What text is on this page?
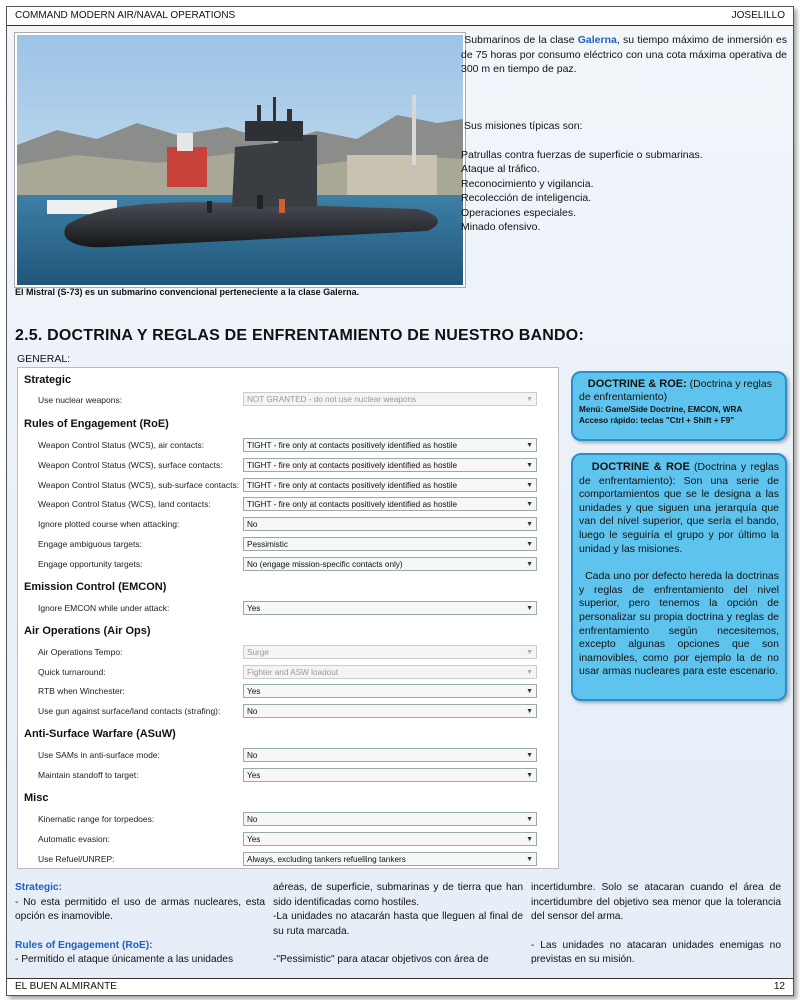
COMMAND MODERN AIR/NAVAL OPERATIONS	JOSELILLO
El Mistral (S-73) es un submarino convencional perteneciente a la clase Galerna.

Submarinos de la clase Galerna, su tiempo máximo de inmersión es de 75 horas por consumo eléctrico con una cota máxima operativa de 300 m en tiempo de paz.

Sus misiones típicas son:
Patrullas contra fuerzas de superficie o submarinas.
Ataque al tráfico.
Reconocimiento y vigilancia.
Recolección de inteligencia.
Operaciones especiales.
Minado ofensivo.
2.5. DOCTRINA Y REGLAS DE ENFRENTAMIENTO DE NUESTRO BANDO:
GENERAL:
Strategic
Use nuclear weapons:	NOT GRANTED - do not use nuclear weapons	▼
Rules of Engagement (RoE)
Weapon Control Status (WCS), air contacts:	TIGHT - fire only at contacts positively identified as hostile	▼
Weapon Control Status (WCS), surface contacts:	TIGHT - fire only at contacts positively identified as hostile	▼
Weapon Control Status (WCS), sub-surface contacts: TIGHT - fire only at contacts positively identified as hostile	▼
Weapon Control Status (WCS), land contacts:	TIGHT - fire only at contacts positively identified as hostile	▼
Ignore plotted course when attacking:	No	▼
Engage ambiguous targets:	Pessimistic	▼
Engage opportunity targets:	No (engage mission-specific contacts only)	▼
Emission Control (EMCON)
Ignore EMCON while under attack:	Yes	▼
Air Operations (Air Ops)
Air Operations Tempo:	Surge	▼
Quick turnaround:	Fighter and ASW loadout	▼
RTB when Winchester:	Yes	▼
Use gun against surface/land contacts (strafing):	No	▼
Anti-Surface Warfare (ASuW)
Use SAMs in anti-surface mode:	No	▼
Maintain standoff to target:	Yes	▼
Misc
Kinematic range for torpedoes:	No	▼
Automatic evasion:	Yes	▼
Use Refuel/UNREP:	Always, excluding tankers refuelling tankers	▼
DOCTRINE & ROE: (Doctrina y reglas de enfrentamiento)
Menú: Game/Side Doctrine, EMCON, WRA
Acceso rápido: teclas "Ctrl + Shift + F9"
DOCTRINE & ROE (Doctrina y reglas de enfrentamiento): Son una serie de comportamientos que se le designa a las unidades y que siguen una jerarquía que van del nivel superior, que sería el bando, luego le seguiría el grupo y por último la unidad y las misiones.
Cada uno por defecto hereda la doctrinas y reglas de enfrentamiento del nivel superior, pero tenemos la opción de personalizar su propia doctrina y reglas de enfrentamiento según necesitemos, excepto algunas opciones que son inamovibles, como por ejemplo la de no usar armas nucleares para este escenario.

Strategic:

- No esta permitido el uso de armas nucleares, esta opción es inamovible.

Rules of Engagement (RoE):

- Permitido el ataque únicamente a las unidades

aéreas, de superficie, submarinas y de tierra que han sido identificadas como hostiles.

-La unidades no atacarán hasta que lleguen al final de su ruta marcada.

-"Pessimistic" para atacar objetivos con área de

incertidumbre. Solo se atacaran cuando el área de incertidumbre del objetivo sea menor que la tolerancia del sensor del arma.

- Las unidades no atacaran unidades enemigas no previstas en su misión.

EL BUEN ALMIRANTE	12
